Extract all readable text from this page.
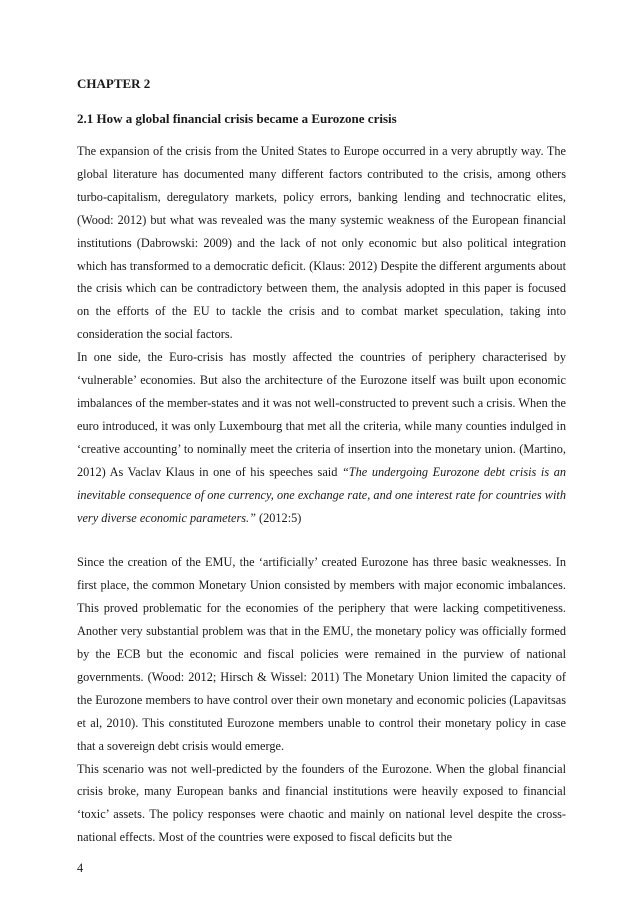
CHAPTER 2
2.1 How a global financial crisis became a Eurozone crisis

The expansion of the crisis from the United States to Europe occurred in a very abruptly way. The global literature has documented many different factors contributed to the crisis, among others turbo-capitalism, deregulatory markets, policy errors, banking lending and technocratic elites, (Wood: 2012) but what was revealed was the many systemic weakness of the European financial institutions (Dabrowski: 2009) and the lack of not only economic but also political integration which has transformed to a democratic deficit. (Klaus: 2012) Despite the different arguments about the crisis which can be contradictory between them, the analysis adopted in this paper is focused on the efforts of the EU to tackle the crisis and to combat market speculation, taking into consideration the social factors.

In one side, the Euro-crisis has mostly affected the countries of periphery characterised by ‘vulnerable’ economies. But also the architecture of the Eurozone itself was built upon economic imbalances of the member-states and it was not well-constructed to prevent such a crisis. When the euro introduced, it was only Luxembourg that met all the criteria, while many counties indulged in ‘creative accounting’ to nominally meet the criteria of insertion into the monetary union. (Martino, 2012) As Vaclav Klaus in one of his speeches said “The undergoing Eurozone debt crisis is an inevitable consequence of one currency, one exchange rate, and one interest rate for countries with very diverse economic parameters.” (2012:5)

Since the creation of the EMU, the ‘artificially’ created Eurozone has three basic weaknesses. In first place, the common Monetary Union consisted by members with major economic imbalances. This proved problematic for the economies of the periphery that were lacking competitiveness. Another very substantial problem was that in the EMU, the monetary policy was officially formed by the ECB but the economic and fiscal policies were remained in the purview of national governments. (Wood: 2012; Hirsch & Wissel: 2011) The Monetary Union limited the capacity of the Eurozone members to have control over their own monetary and economic policies (Lapavitsas et al, 2010). This constituted Eurozone members unable to control their monetary policy in case that a sovereign debt crisis would emerge.

This scenario was not well-predicted by the founders of the Eurozone. When the global financial crisis broke, many European banks and financial institutions were heavily exposed to financial ‘toxic’ assets. The policy responses were chaotic and mainly on national level despite the cross-national effects. Most of the countries were exposed to fiscal deficits but the

4
